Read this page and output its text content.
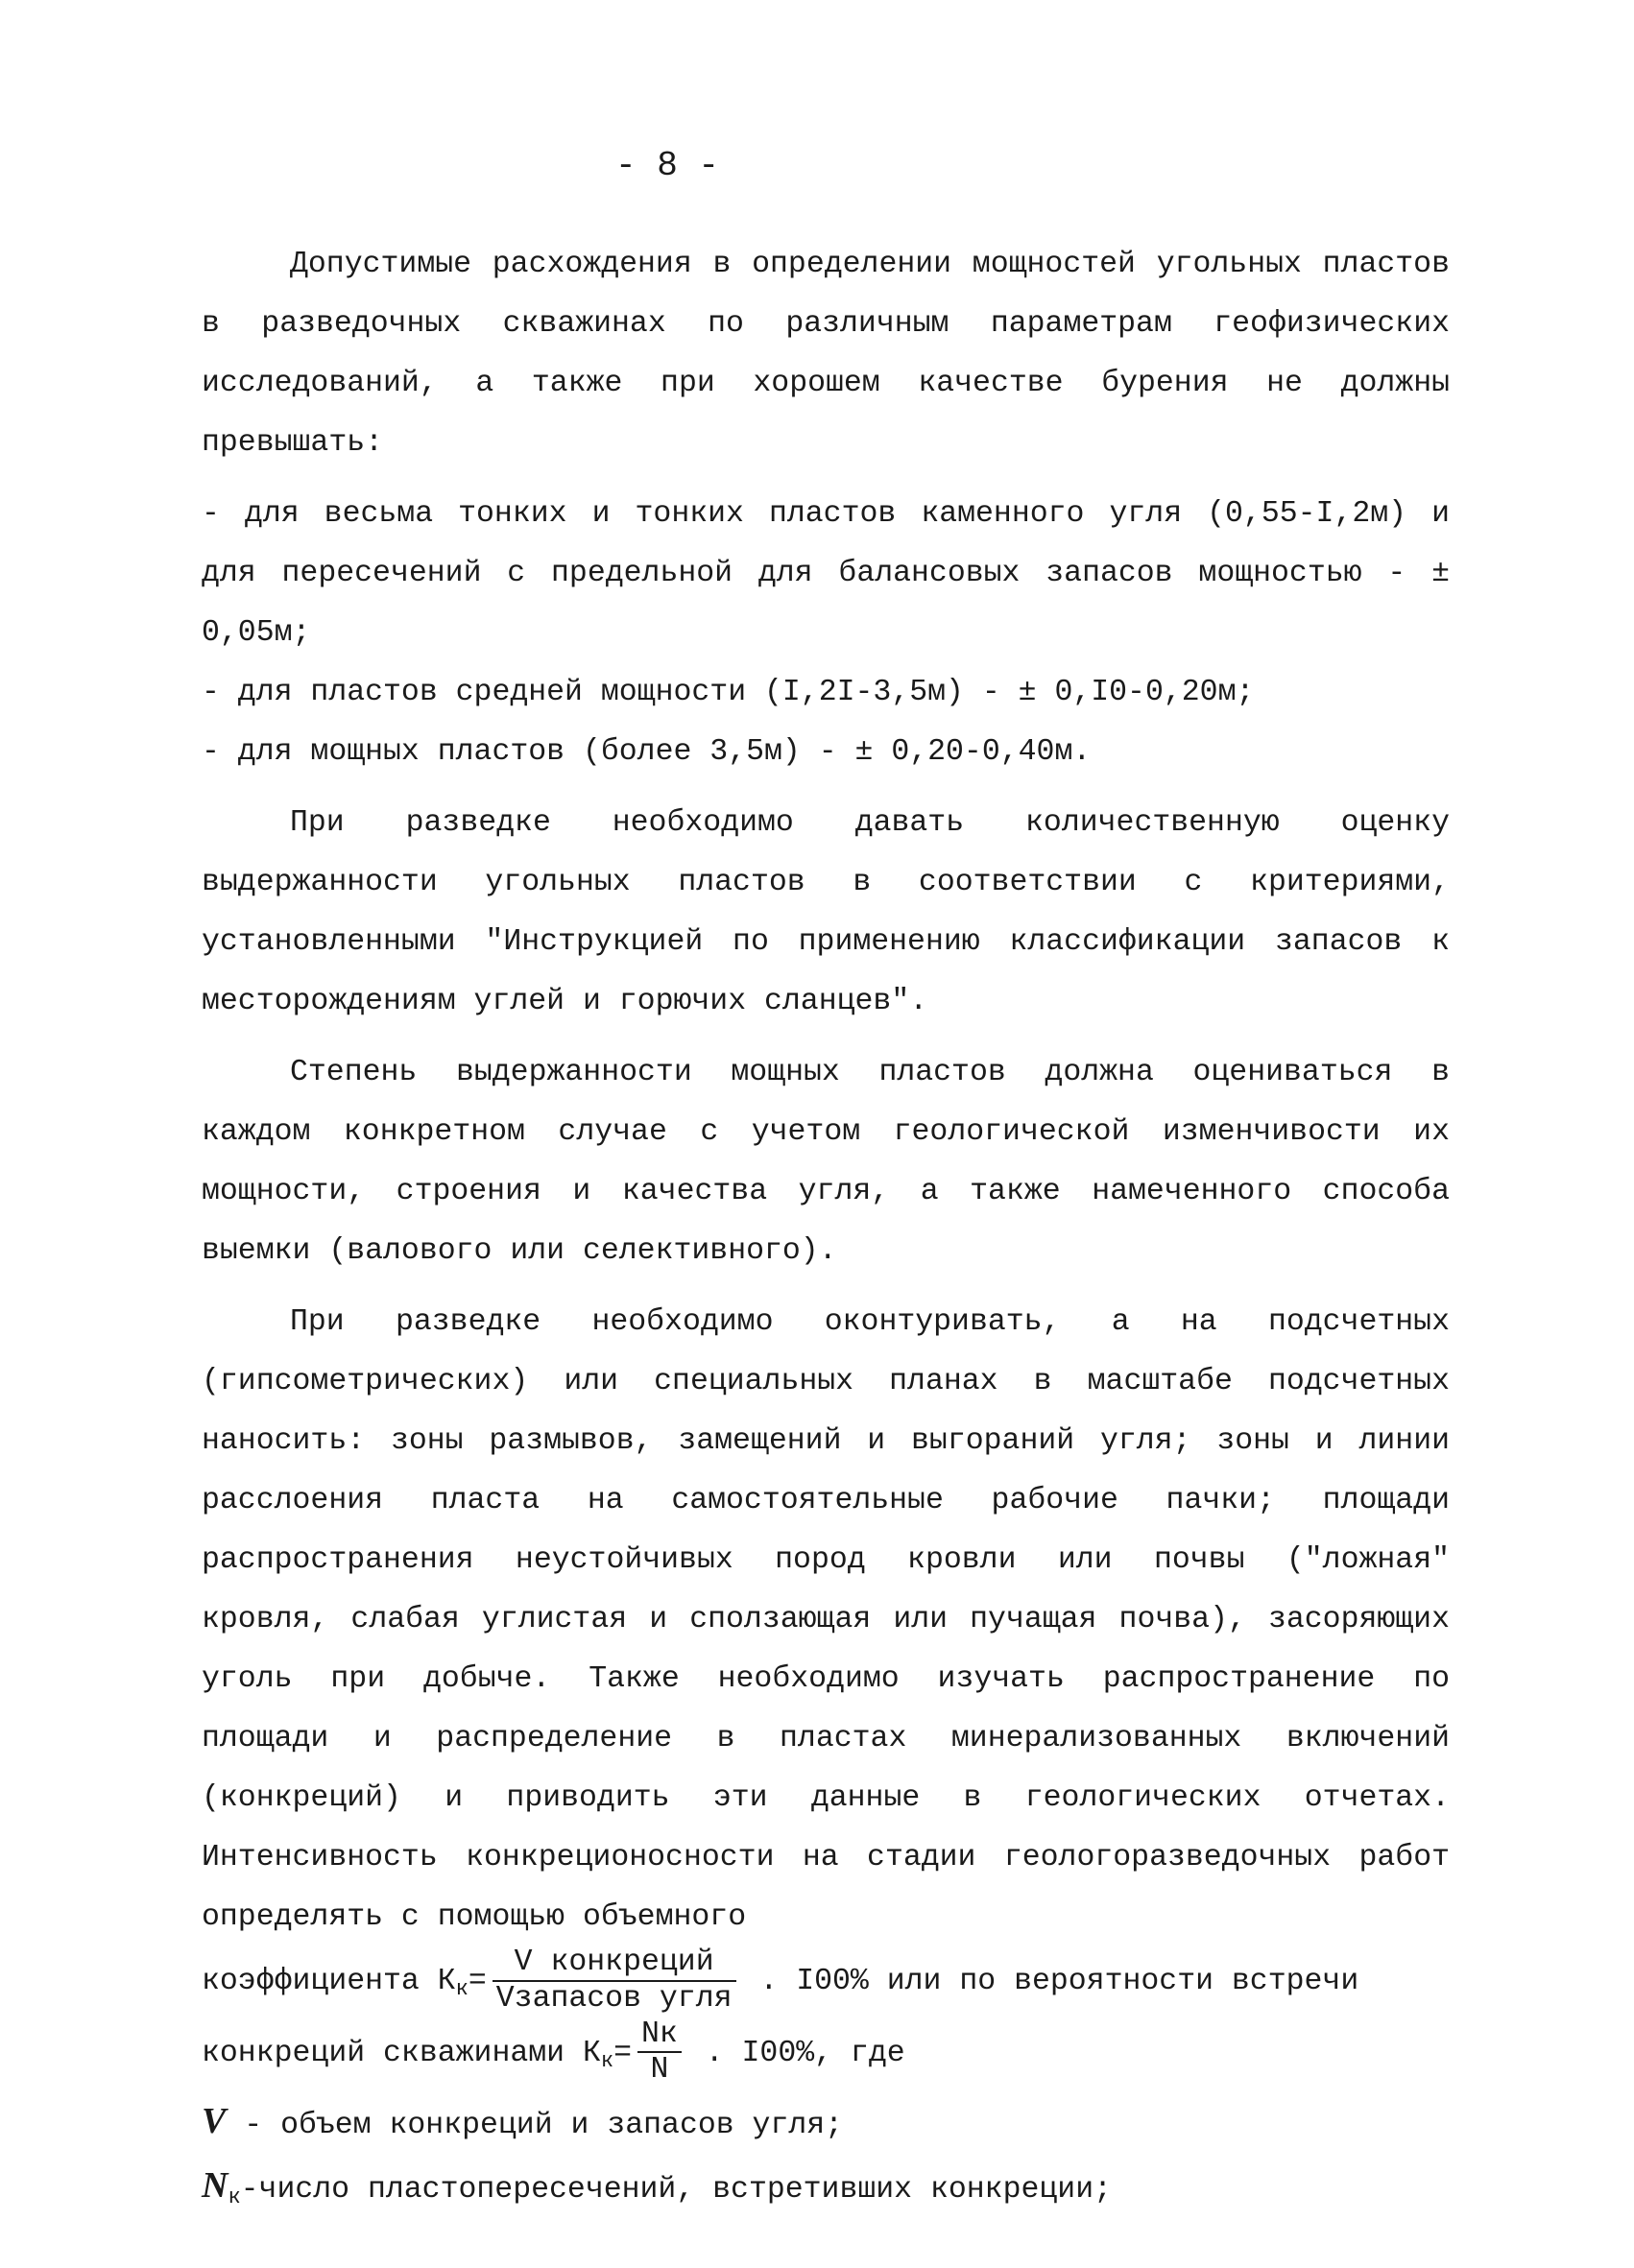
- 8 -

Допустимые расхождения в определении мощностей угольных пластов в разведочных скважинах по различным параметрам геофизических исследований, а также при хорошем качестве бурения не должны превышать:

- для весьма тонких и тонких пластов каменного угля (0,55-I,2м) и для пересечений с предельной для балансовых запасов мощностью - ± 0,05м;

- для пластов средней мощности (I,2I-3,5м) - ± 0,I0-0,20м;

- для мощных пластов (более 3,5м) - ± 0,20-0,40м.

При разведке необходимо давать количественную оценку выдержанности угольных пластов в соответствии с критериями, установленными "Инструкцией по применению классификации запасов к месторождениям углей и горючих сланцев".

Степень выдержанности мощных пластов должна оцениваться в каждом конкретном случае с учетом геологической изменчивости их мощности, строения и качества угля, а также намеченного способа выемки (валового или селективного).

При разведке необходимо оконтуривать, а на подсчетных (гипсометрических) или специальных планах в масштабе подсчетных наносить: зоны размывов, замещений и выгораний угля; зоны и линии расслоения пласта на самостоятельные рабочие пачки; площади распространения неустойчивых пород кровли или почвы ("ложная" кровля, слабая углистая и сползающая или пучащая почва), засоряющих уголь при добыче. Также необходимо изучать распространение по площади и распределение в пластах минерализованных включений (конкреций) и приводить эти данные в геологических отчетах. Интенсивность конкреционосности на стадии геологоразведочных работ определять с помощью объемного

коэффициента $К_к= \frac{\text{V конкреций}}{\text{Vзапасов угля}}$ . I00% или по вероятности встречи
конкреций скважинами $К_к= \frac{Nк}{N}$ . I00%, где
V - объем конкреций и запасов угля;
$N_к$-число пластопересечений, встретивших конкреции;
